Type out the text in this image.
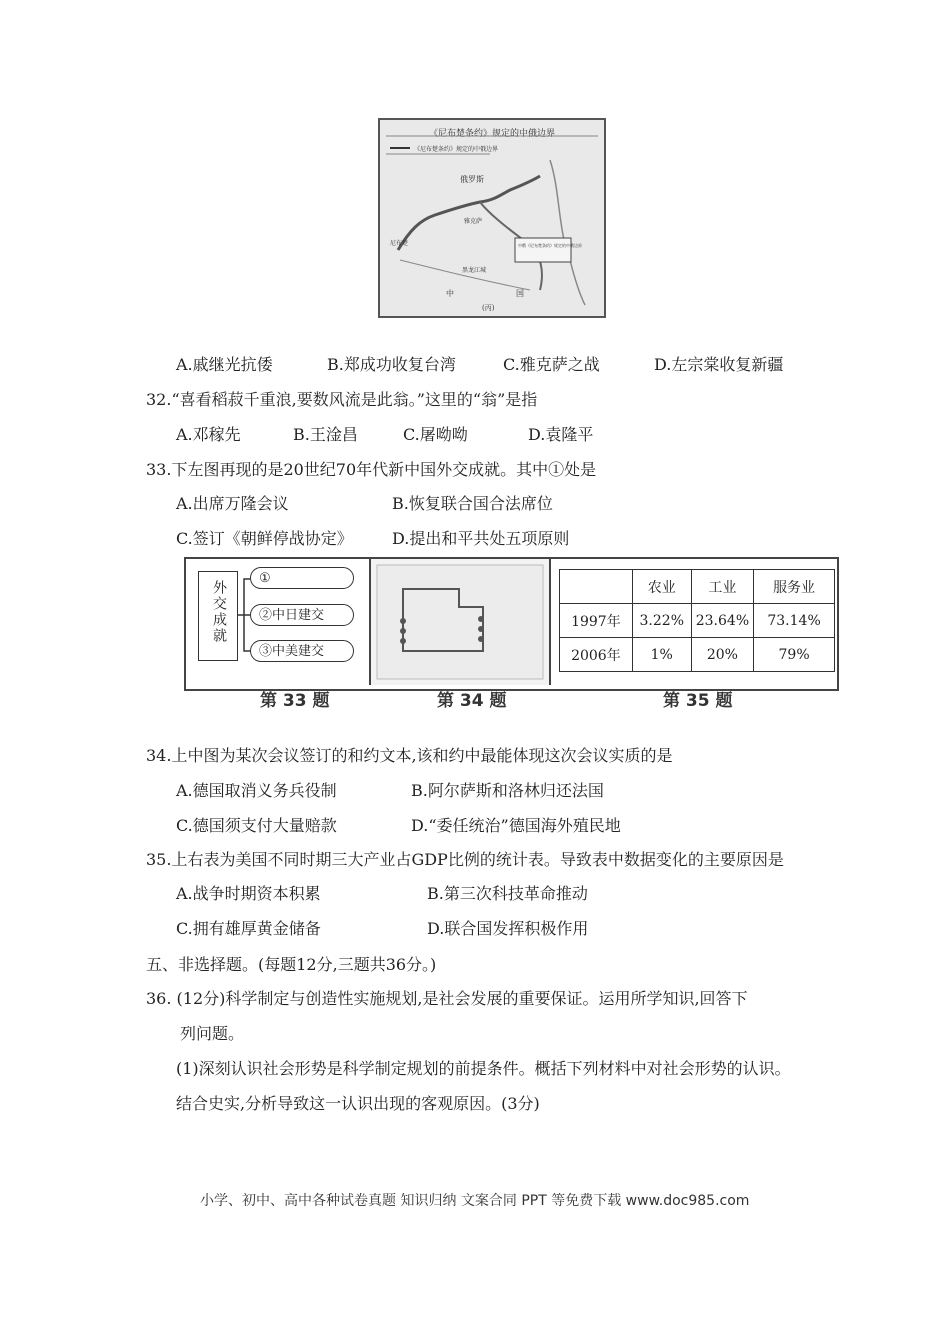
《尼布楚条约》规定的中俄边界
《尼布楚条约》规定的中俄边界
俄罗斯
雅克萨
尼布楚
黑龙江城
中俄《尼布楚条约》规定的中俄边界
中	国
(丙)
A.戚继光抗倭	B.郑成功收复台湾	C.雅克萨之战	D.左宗棠收复新疆
32.“喜看稻菽千重浪,要数风流是此翁。”这里的“翁”是指
A.邓稼先	B.王淦昌	C.屠呦呦	D.袁隆平
33.下左图再现的是20世纪70年代新中国外交成就。其中①处是
A.出席万隆会议	B.恢复联合国合法席位
C.签订《朝鲜停战协定》 D.提出和平共处五项原则
外交成就
①
②中日建交
③中美建交
	农业	工业	服务业
1997年	3.22%	23.64%	73.14%
2006年	1%	20%	79%
第 33 题	第 34 题	第 35 题
34.上中图为某次会议签订的和约文本,该和约中最能体现这次会议实质的是
A.德国取消义务兵役制	B.阿尔萨斯和洛林归还法国
C.德国须支付大量赔款	D.“委任统治”德国海外殖民地
35.上右表为美国不同时期三大产业占GDP比例的统计表。导致表中数据变化的主要原因是
A.战争时期资本积累	B.第三次科技革命推动
C.拥有雄厚黄金储备	D.联合国发挥积极作用
五、非选择题。(每题12分,三题共36分。)
36. (12分)科学制定与创造性实施规划,是社会发展的重要保证。运用所学知识,回答下
列问题。
(1)深刻认识社会形势是科学制定规划的前提条件。概括下列材料中对社会形势的认识。
结合史实,分析导致这一认识出现的客观原因。(3分)
小学、初中、高中各种试卷真题 知识归纳 文案合同 PPT 等免费下载 www.doc985.com
